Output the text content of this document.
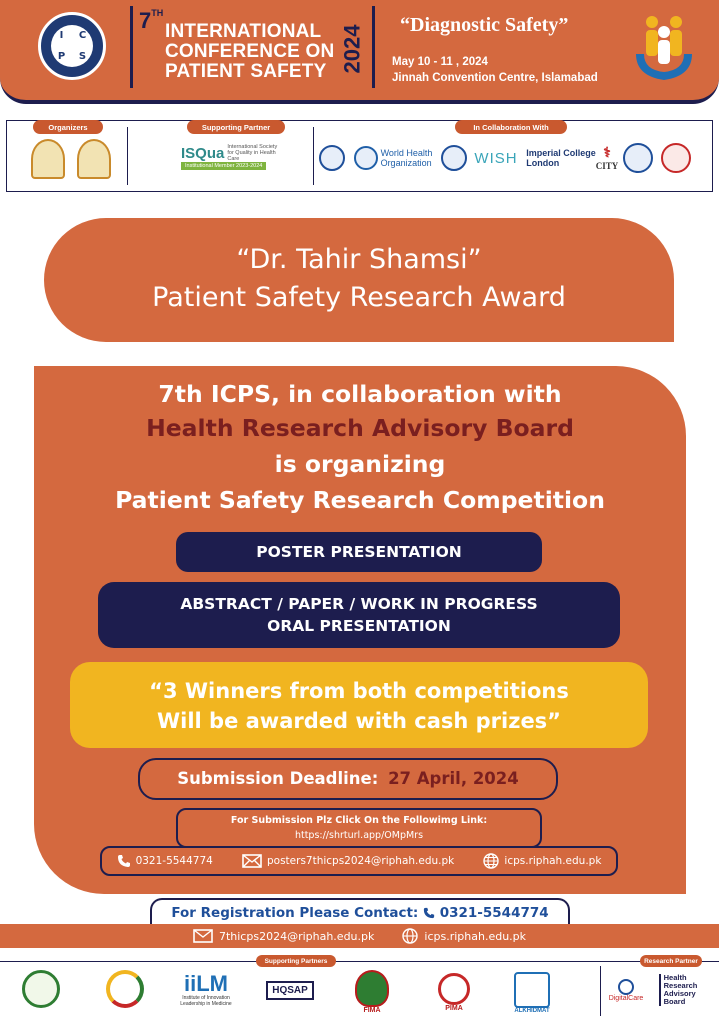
I	C
P	S
7TH
INTERNATIONAL
CONFERENCE ON
PATIENT SAFETY 2024 “Diagnostic Safety”
May 10 - 11 , 2024
Jinnah Convention Centre, Islamabad
Organizers	Supporting Partner	In Collaboration With
ISQua International Society for Quality in Health Care
Institutional Member 2023-2024
World Health
Organization	WISH Imperial College
London
⚕
CITY
“Dr. Tahir Shamsi”
Patient Safety Research Award
7th ICPS, in collaboration with
Health Research Advisory Board
is organizing
Patient Safety Research Competition
POSTER PRESENTATION
ABSTRACT / PAPER / WORK IN PROGRESS
ORAL PRESENTATION
“3 Winners from both competitions
Will be awarded with cash prizes”
Submission Deadline: 27 April, 2024
For Submission Plz Click On the Followimg Link:
https://shrturl.app/OMpMrs
0321-5544774	posters7thicps2024@riphah.edu.pk	icps.riphah.edu.pk
For Registration Please Contact: 0321-5544774
7thicps2024@riphah.edu.pk	icps.riphah.edu.pk
Supporting Partners	Research Partner
iiLM
Institute of Innovation
Leadership in Medicine
HQSAP
FIMA	PIMA	ALKHIDMAT
DigitalCare
Health
Research
Advisory
Board
